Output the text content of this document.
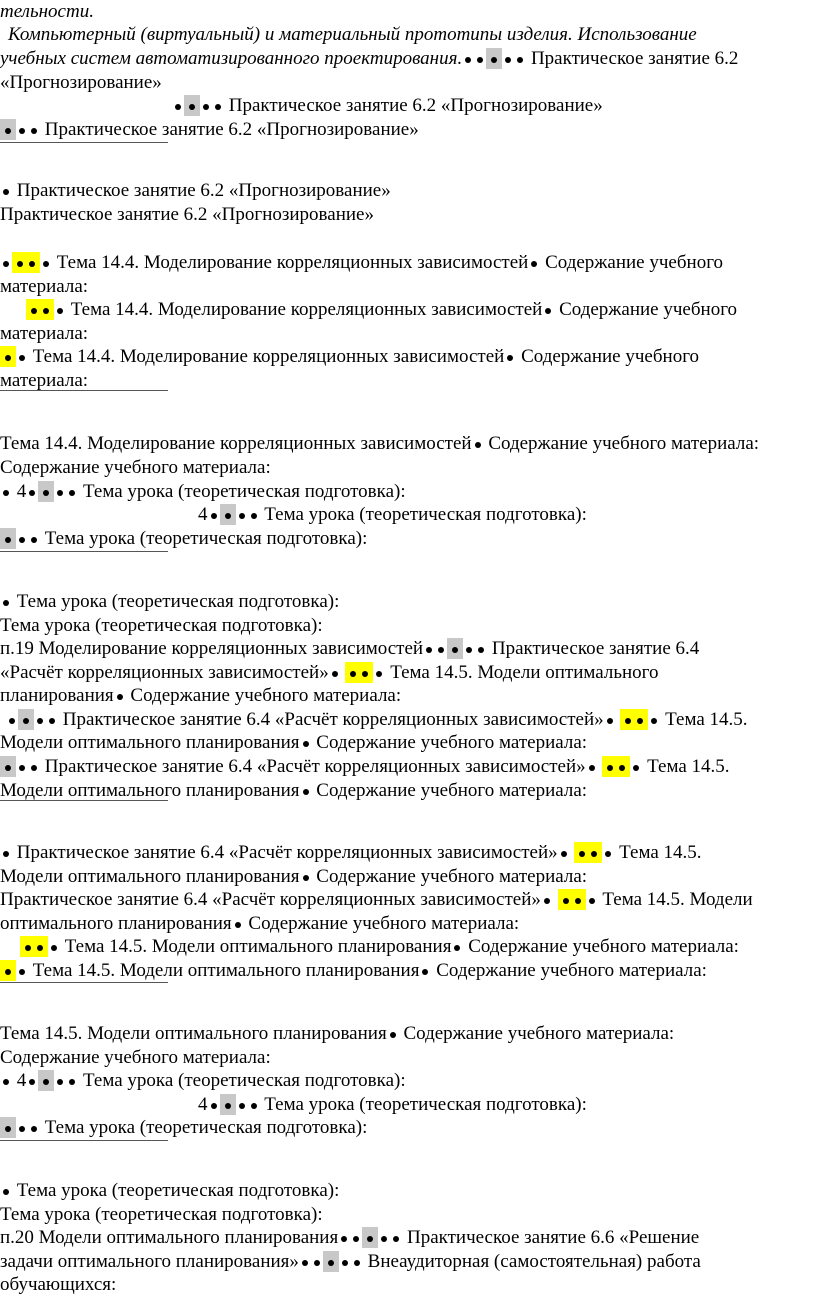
тельности.
Компьютерный (виртуальный) и материальный прототипы изделия. Использование
учебных систем автоматизированного проектирования.	Практическое занятие 6.2
«Прогнозирование»
Практическое занятие 6.2 «Прогнозирование»
Практическое занятие 6.2 «Прогнозирование»
Практическое занятие 6.2 «Прогнозирование»
Практическое занятие 6.2 «Прогнозирование»
Тема 14.4. Моделирование корреляционных зависимостей Содержание учебного
материала:
Тема 14.4. Моделирование корреляционных зависимостей Содержание учебного
материала:
Тема 14.4. Моделирование корреляционных зависимостей Содержание учебного
материала:
Тема 14.4. Моделирование корреляционных зависимостей Содержание учебного материала:
Содержание учебного материала:
4	Тема урока (теоретическая подготовка):
4	Тема урока (теоретическая подготовка):
Тема урока (теоретическая подготовка):
Тема урока (теоретическая подготовка):
Тема урока (теоретическая подготовка):
п.19 Моделирование корреляционных зависимостей	Практическое занятие 6.4
«Расчёт корреляционных зависимостей»	Тема 14.5. Модели оптимального
планирования Содержание учебного материала:
Практическое занятие 6.4 «Расчёт корреляционных зависимостей»	Тема 14.5.
Модели оптимального планирования Содержание учебного материала:
Практическое занятие 6.4 «Расчёт корреляционных зависимостей»	Тема 14.5.
Модели оптимального планирования Содержание учебного материала:
Практическое занятие 6.4 «Расчёт корреляционных зависимостей»	Тема 14.5.
Модели оптимального планирования Содержание учебного материала:
Практическое занятие 6.4 «Расчёт корреляционных зависимостей»	Тема 14.5. Модели
оптимального планирования Содержание учебного материала:
Тема 14.5. Модели оптимального планирования Содержание учебного материала:
Тема 14.5. Модели оптимального планирования Содержание учебного материала:
Тема 14.5. Модели оптимального планирования Содержание учебного материала:
Содержание учебного материала:
4	Тема урока (теоретическая подготовка):
4	Тема урока (теоретическая подготовка):
Тема урока (теоретическая подготовка):
Тема урока (теоретическая подготовка):
Тема урока (теоретическая подготовка):
п.20 Модели оптимального планирования	Практическое занятие 6.6 «Решение
задачи оптимального планирования»	Внеаудиторная (самостоятельная) работа
обучающихся:
